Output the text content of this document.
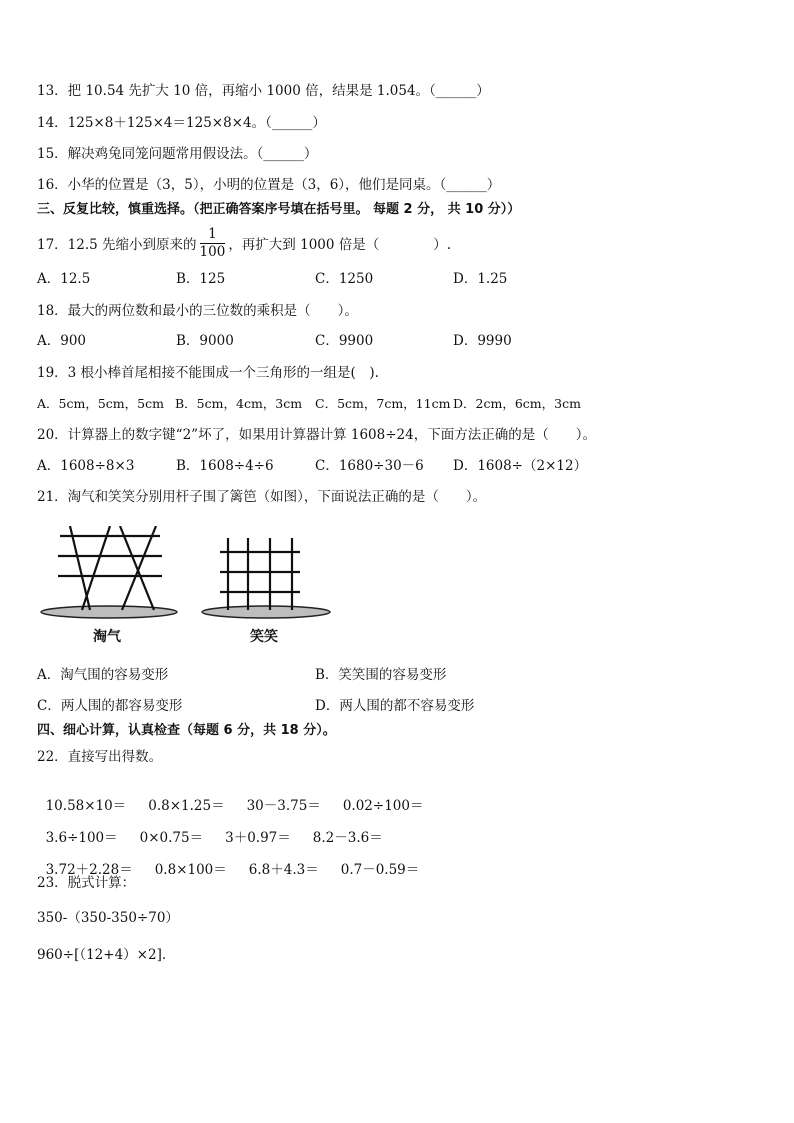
13．把 10.54 先扩大 10 倍，再缩小 1000 倍，结果是 1.054。（______）
14．125×8＋125×4＝125×8×4。（______）
15．解决鸡兔同笼问题常用假设法。（______）
16．小华的位置是（3，5），小明的位置是（3，6），他们是同桌。（______）
三、反复比较，慎重选择。（把正确答案序号填在括号里。 每题 2 分， 共 10 分））
17．12.5 先缩小到原来的 $\frac{1}{100}$ ，再扩大到 1000 倍是（　　　　）.
A．12.5	B．125	C．1250	D．1.25
18．最大的两位数和最小的三位数的乘积是（　　）。
A．900	B．9000	C．9900	D．9990
19．3 根小棒首尾相接不能围成一个三角形的一组是(　).
A．5cm，5cm，5cm B．5cm，4cm，3cm C．5cm，7cm，11cm D．2cm，6cm，3cm
20．计算器上的数字键“2”坏了，如果用计算器计算 1608÷24，下面方法正确的是（　　）。
A．1608÷8×3	B．1608÷4÷6	C．1680÷30－6 D．1608÷（2×12）
21．淘气和笑笑分别用杆子围了篱笆（如图），下面说法正确的是（　　）。
淘气	笑笑
A．淘气围的容易变形	B．笑笑围的容易变形
C．两人围的都容易变形	D．两人围的都不容易变形
四、细心计算，认真检查（每题 6 分，共 18 分）。
22．直接写出得数。

10.58×10＝ 0.8×1.25＝ 30－3.75＝ 0.02÷100＝

3.6÷100＝ 0×0.75＝ 3＋0.97＝ 8.2－3.6＝

3.72＋2.28＝ 0.8×100＝ 6.8＋4.3＝ 0.7－0.59＝

23．脱式计算：
350-（350-350÷70）
960÷[（12+4）×2].
